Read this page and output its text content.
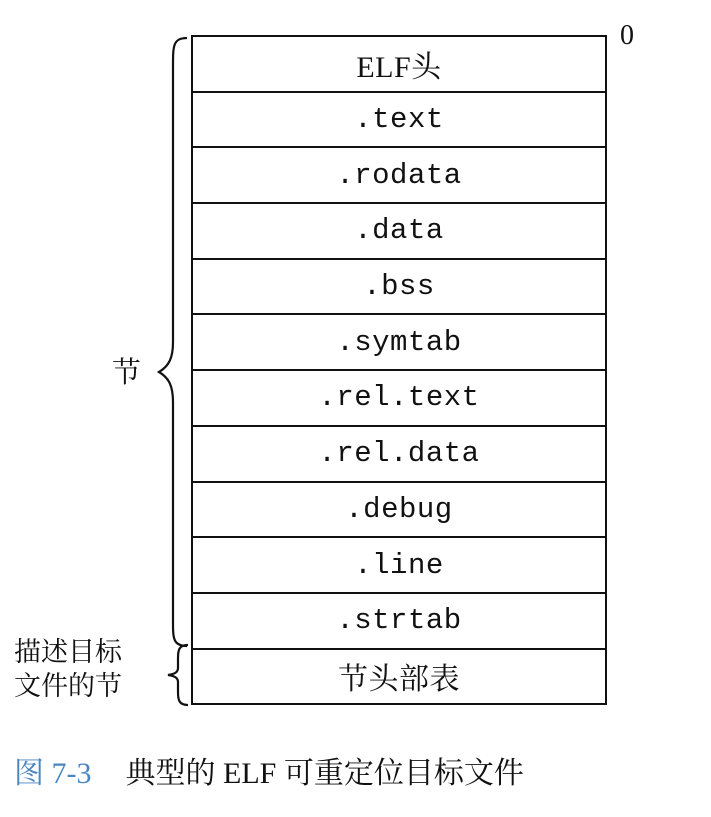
0
ELF头
.text
.rodata
.data
.bss
.symtab
.rel.text
.rel.data
.debug
.line
.strtab
节头部表
节
描述目标
文件的节
图 7-3 典型的 ELF 可重定位目标文件
